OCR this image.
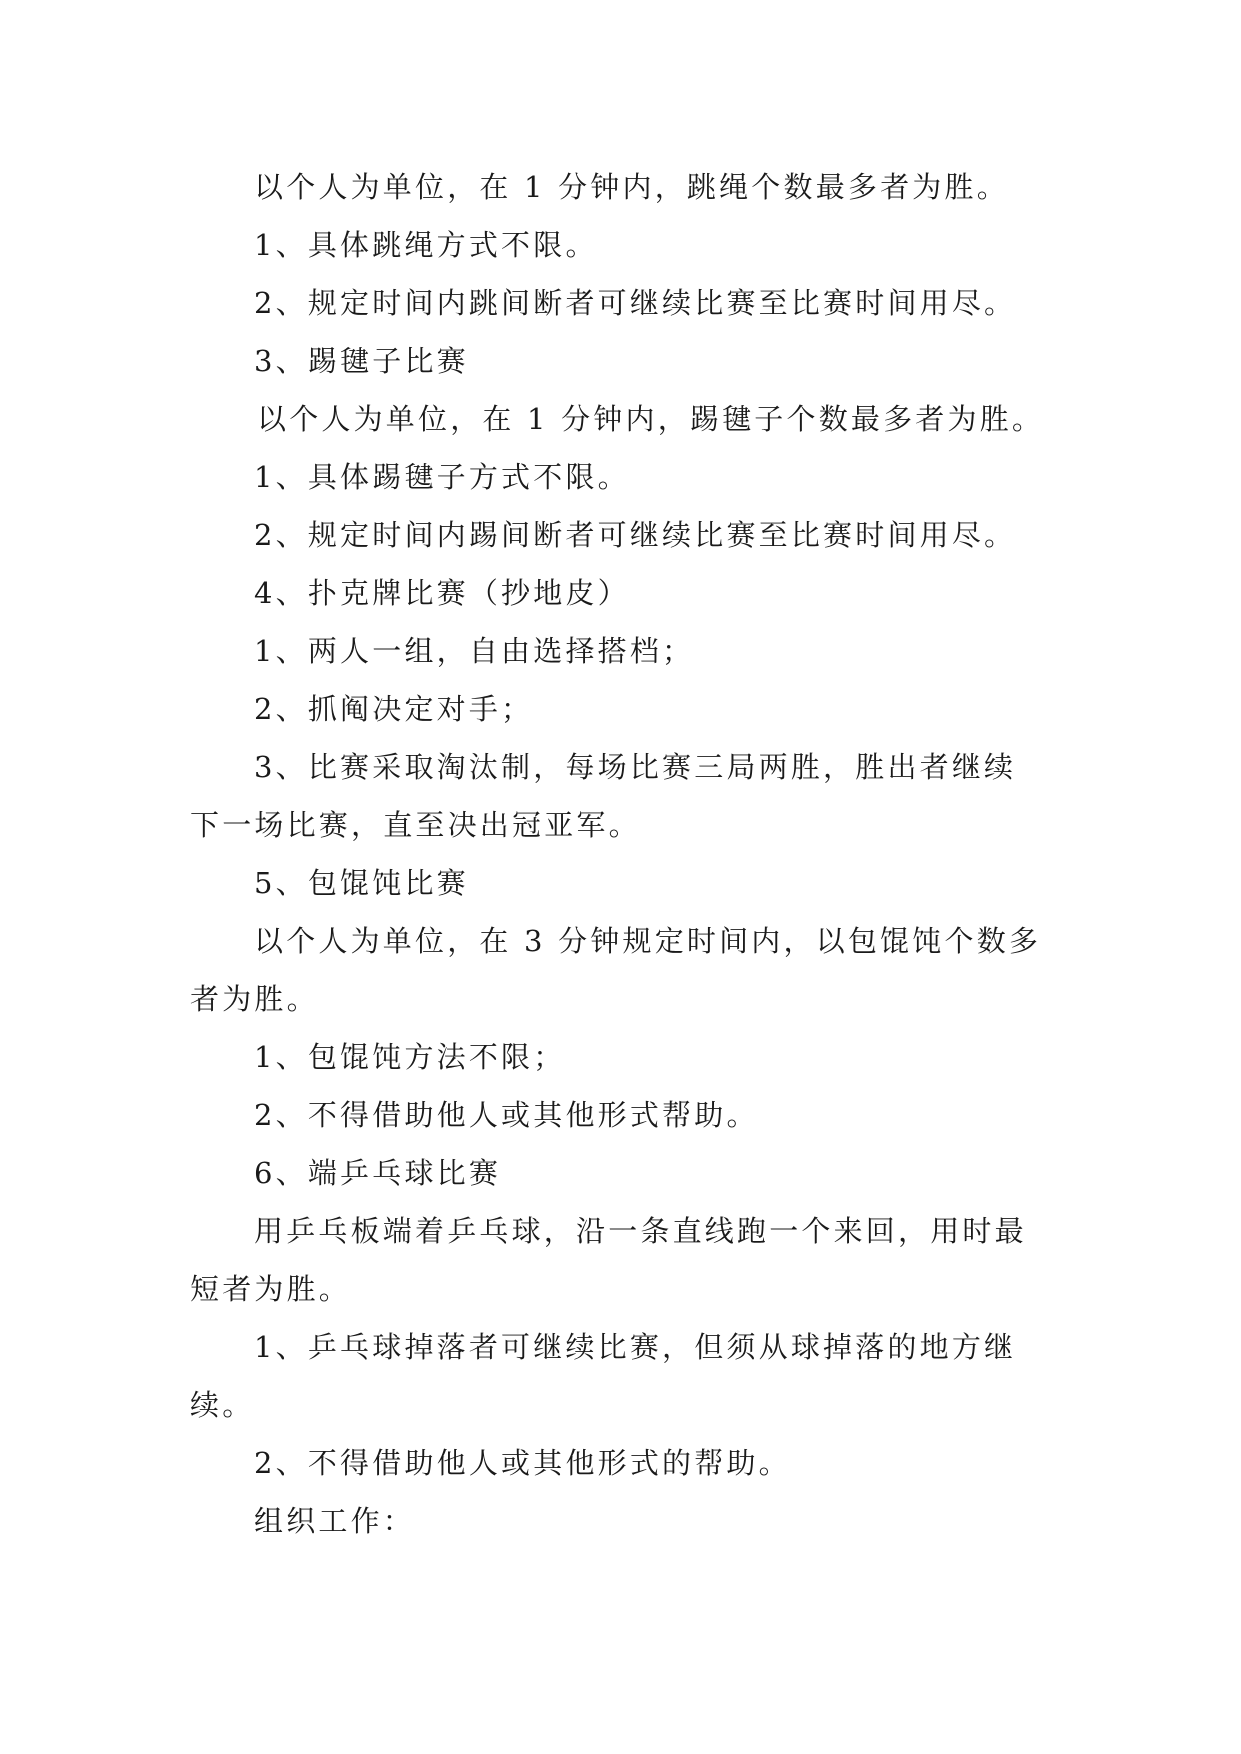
以个人为单位，在 1 分钟内，跳绳个数最多者为胜。
1、具体跳绳方式不限。
2、规定时间内跳间断者可继续比赛至比赛时间用尽。
3、踢毽子比赛
以个人为单位，在 1 分钟内，踢毽子个数最多者为胜。
1、具体踢毽子方式不限。
2、规定时间内踢间断者可继续比赛至比赛时间用尽。
4、扑克牌比赛（抄地皮）
1、两人一组，自由选择搭档；
2、抓阄决定对手；
3、比赛采取淘汰制，每场比赛三局两胜，胜出者继续
下一场比赛，直至决出冠亚军。
5、包馄饨比赛
以个人为单位，在 3 分钟规定时间内，以包馄饨个数多
者为胜。
1、包馄饨方法不限；
2、不得借助他人或其他形式帮助。
6、端乒乓球比赛
用乒乓板端着乒乓球，沿一条直线跑一个来回，用时最
短者为胜。
1、乒乓球掉落者可继续比赛，但须从球掉落的地方继
续。
2、不得借助他人或其他形式的帮助。
组织工作：
